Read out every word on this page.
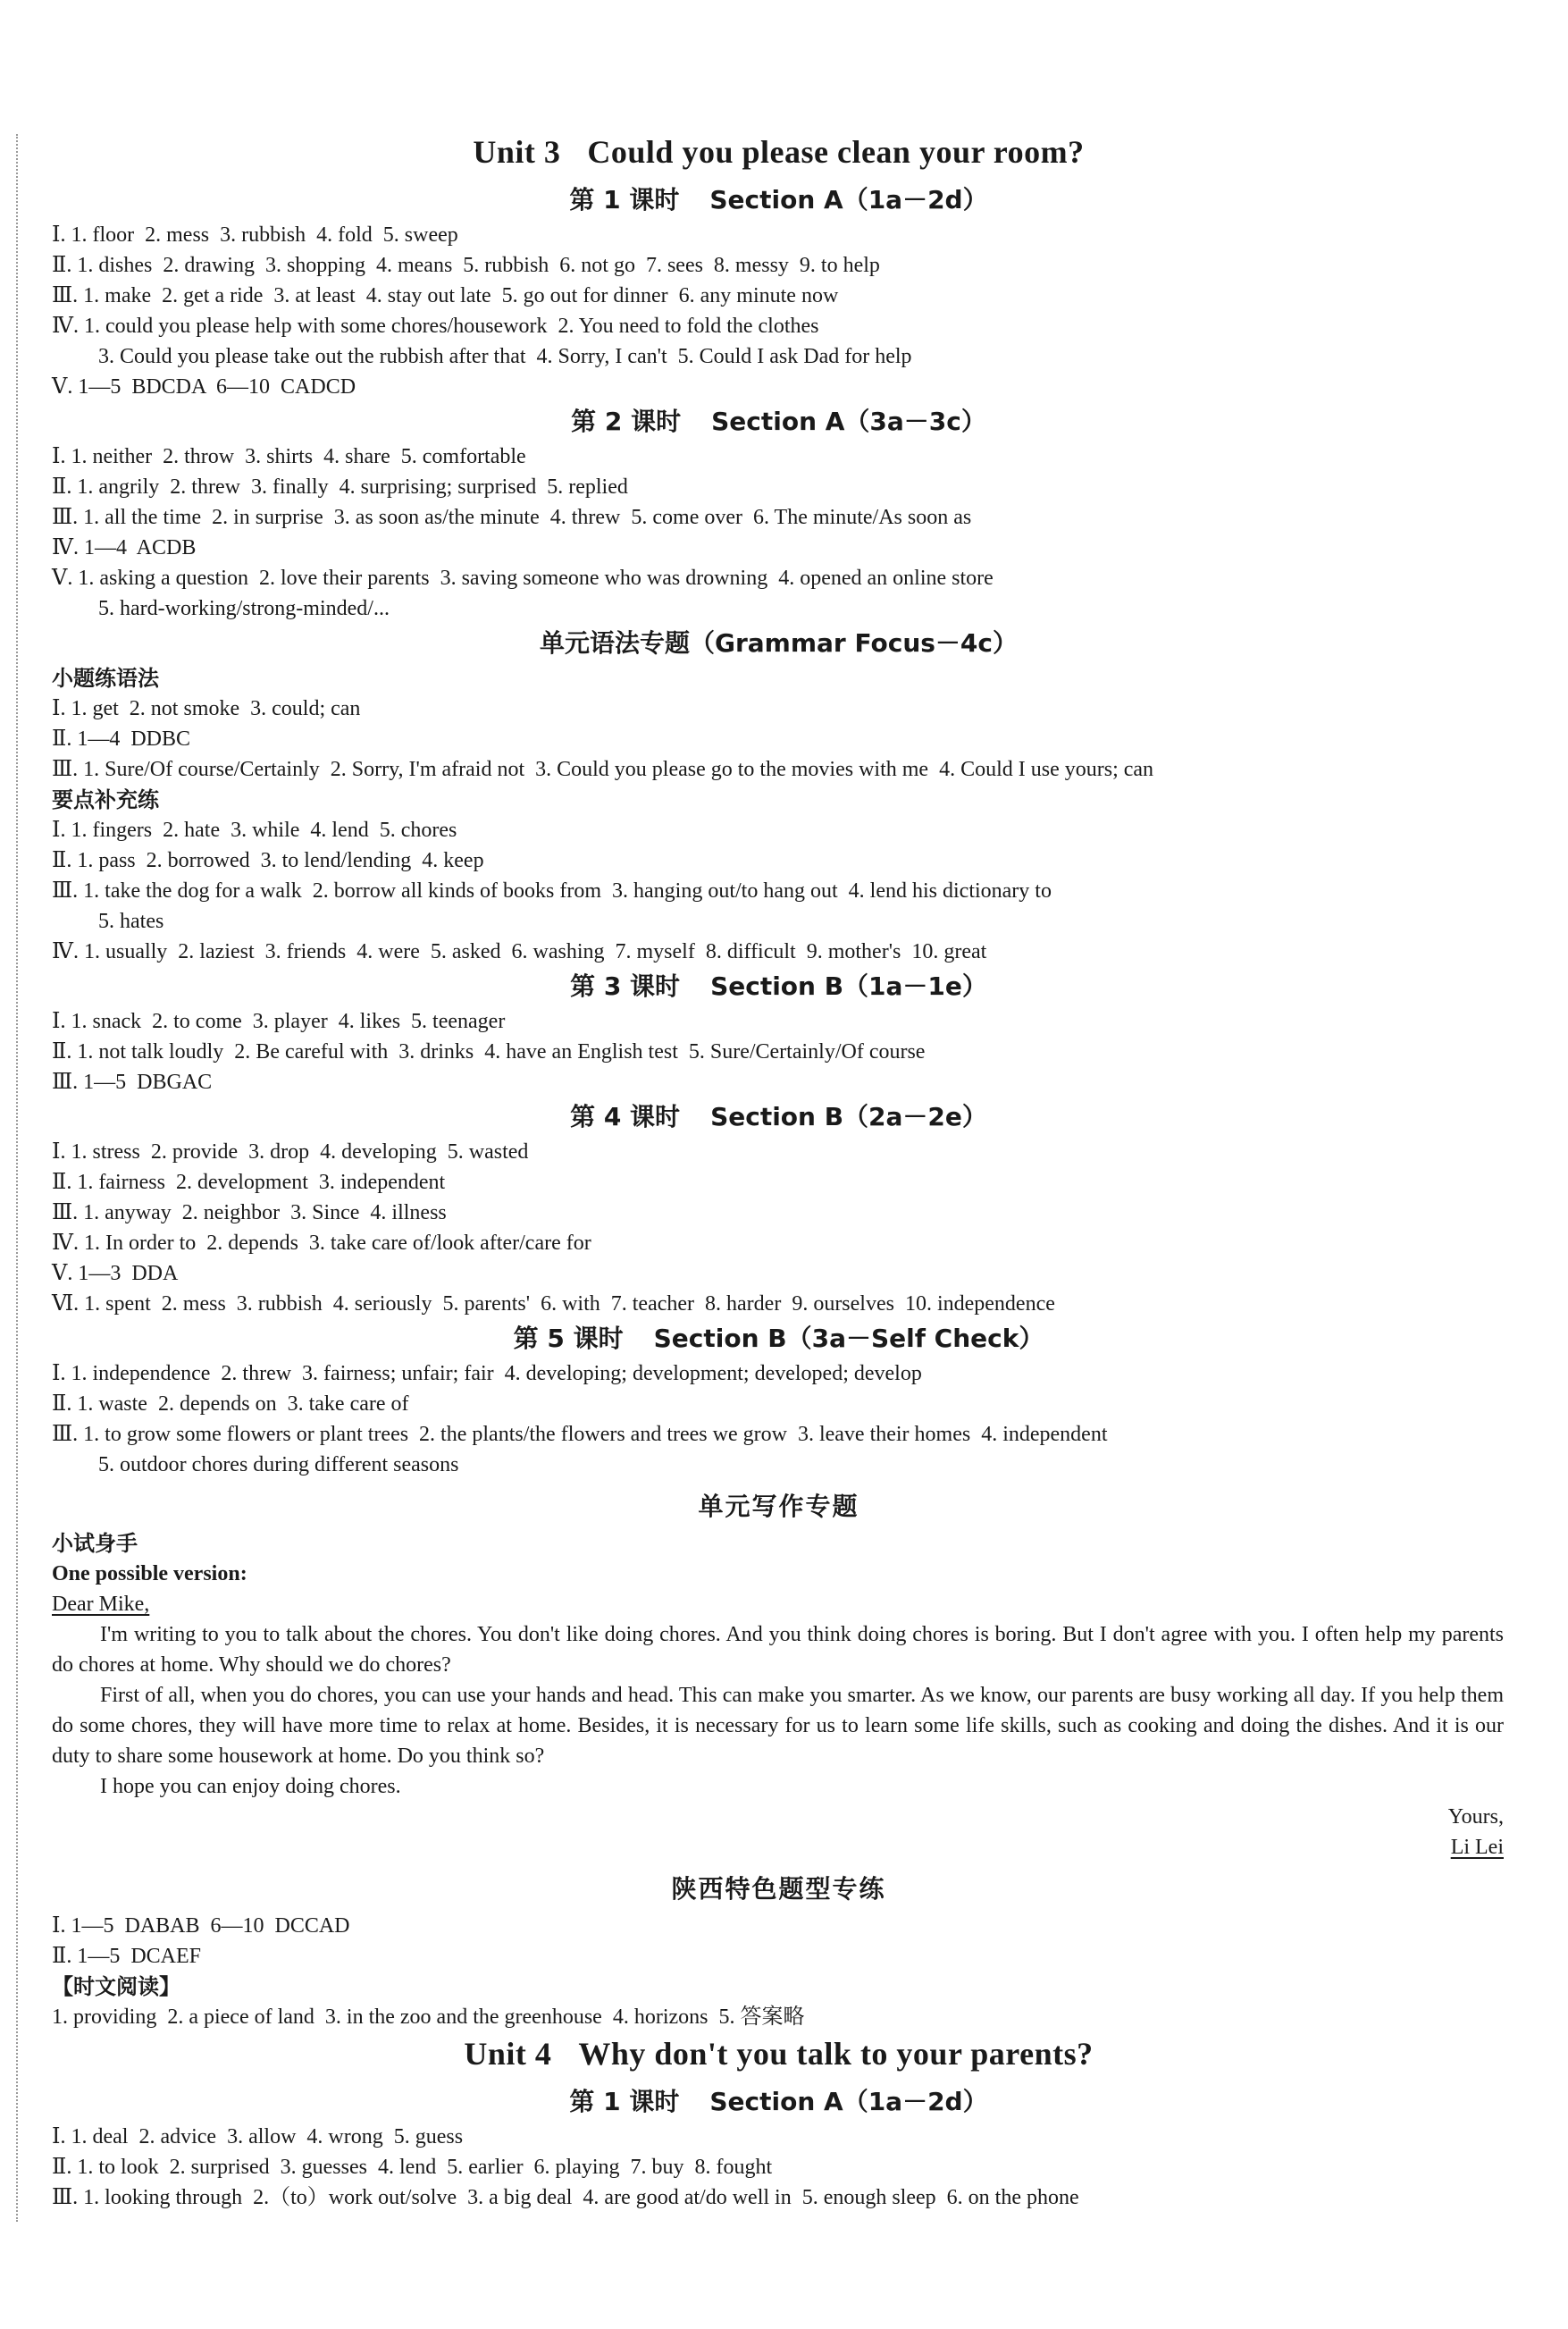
Unit 3 Could you please clean your room?
第 1 课时 Section A（1a－2d）
Ⅰ. 1. floor  2. mess  3. rubbish  4. fold  5. sweep
Ⅱ. 1. dishes  2. drawing  3. shopping  4. means  5. rubbish  6. not go  7. sees  8. messy  9. to help
Ⅲ. 1. make  2. get a ride  3. at least  4. stay out late  5. go out for dinner  6. any minute now
Ⅳ. 1. could you please help with some chores/housework  2. You need to fold the clothes
3. Could you please take out the rubbish after that  4. Sorry, I can't  5. Could I ask Dad for help
Ⅴ. 1—5  BDCDA  6—10  CADCD
第 2 课时 Section A（3a－3c）
Ⅰ. 1. neither  2. throw  3. shirts  4. share  5. comfortable
Ⅱ. 1. angrily  2. threw  3. finally  4. surprising; surprised  5. replied
Ⅲ. 1. all the time  2. in surprise  3. as soon as/the minute  4. threw  5. come over  6. The minute/As soon as
Ⅳ. 1—4  ACDB
Ⅴ. 1. asking a question  2. love their parents  3. saving someone who was drowning  4. opened an online store
5. hard-working/strong-minded/...
单元语法专题（Grammar Focus－4c）
小题练语法
Ⅰ. 1. get  2. not smoke  3. could; can
Ⅱ. 1—4  DDBC
Ⅲ. 1. Sure/Of course/Certainly  2. Sorry, I'm afraid not  3. Could you please go to the movies with me  4. Could I use yours; can
要点补充练
Ⅰ. 1. fingers  2. hate  3. while  4. lend  5. chores
Ⅱ. 1. pass  2. borrowed  3. to lend/lending  4. keep
Ⅲ. 1. take the dog for a walk  2. borrow all kinds of books from  3. hanging out/to hang out  4. lend his dictionary to
5. hates
Ⅳ. 1. usually  2. laziest  3. friends  4. were  5. asked  6. washing  7. myself  8. difficult  9. mother's  10. great
第 3 课时 Section B（1a－1e）
Ⅰ. 1. snack  2. to come  3. player  4. likes  5. teenager
Ⅱ. 1. not talk loudly  2. Be careful with  3. drinks  4. have an English test  5. Sure/Certainly/Of course
Ⅲ. 1—5  DBGAC
第 4 课时 Section B（2a－2e）
Ⅰ. 1. stress  2. provide  3. drop  4. developing  5. wasted
Ⅱ. 1. fairness  2. development  3. independent
Ⅲ. 1. anyway  2. neighbor  3. Since  4. illness
Ⅳ. 1. In order to  2. depends  3. take care of/look after/care for
Ⅴ. 1—3  DDA
Ⅵ. 1. spent  2. mess  3. rubbish  4. seriously  5. parents'  6. with  7. teacher  8. harder  9. ourselves  10. independence
第 5 课时 Section B（3a－Self Check）
Ⅰ. 1. independence  2. threw  3. fairness; unfair; fair  4. developing; development; developed; develop
Ⅱ. 1. waste  2. depends on  3. take care of
Ⅲ. 1. to grow some flowers or plant trees  2. the plants/the flowers and trees we grow  3. leave their homes  4. independent
5. outdoor chores during different seasons
单元写作专题
小试身手
One possible version:
Dear Mike,

I'm writing to you to talk about the chores. You don't like doing chores. And you think doing chores is boring. But I don't agree with you. I often help my parents do chores at home. Why should we do chores?

First of all, when you do chores, you can use your hands and head. This can make you smarter. As we know, our parents are busy working all day. If you help them do some chores, they will have more time to relax at home. Besides, it is necessary for us to learn some life skills, such as cooking and doing the dishes. And it is our duty to share some housework at home. Do you think so?

I hope you can enjoy doing chores.

Yours,
Li Lei
陕西特色题型专练
Ⅰ. 1—5  DABAB  6—10  DCCAD
Ⅱ. 1—5  DCAEF
【时文阅读】
1. providing  2. a piece of land  3. in the zoo and the greenhouse  4. horizons  5. 答案略
Unit 4 Why don't you talk to your parents?
第 1 课时 Section A（1a－2d）
Ⅰ. 1. deal  2. advice  3. allow  4. wrong  5. guess
Ⅱ. 1. to look  2. surprised  3. guesses  4. lend  5. earlier  6. playing  7. buy  8. fought
Ⅲ. 1. looking through  2.（to）work out/solve  3. a big deal  4. are good at/do well in  5. enough sleep  6. on the phone
